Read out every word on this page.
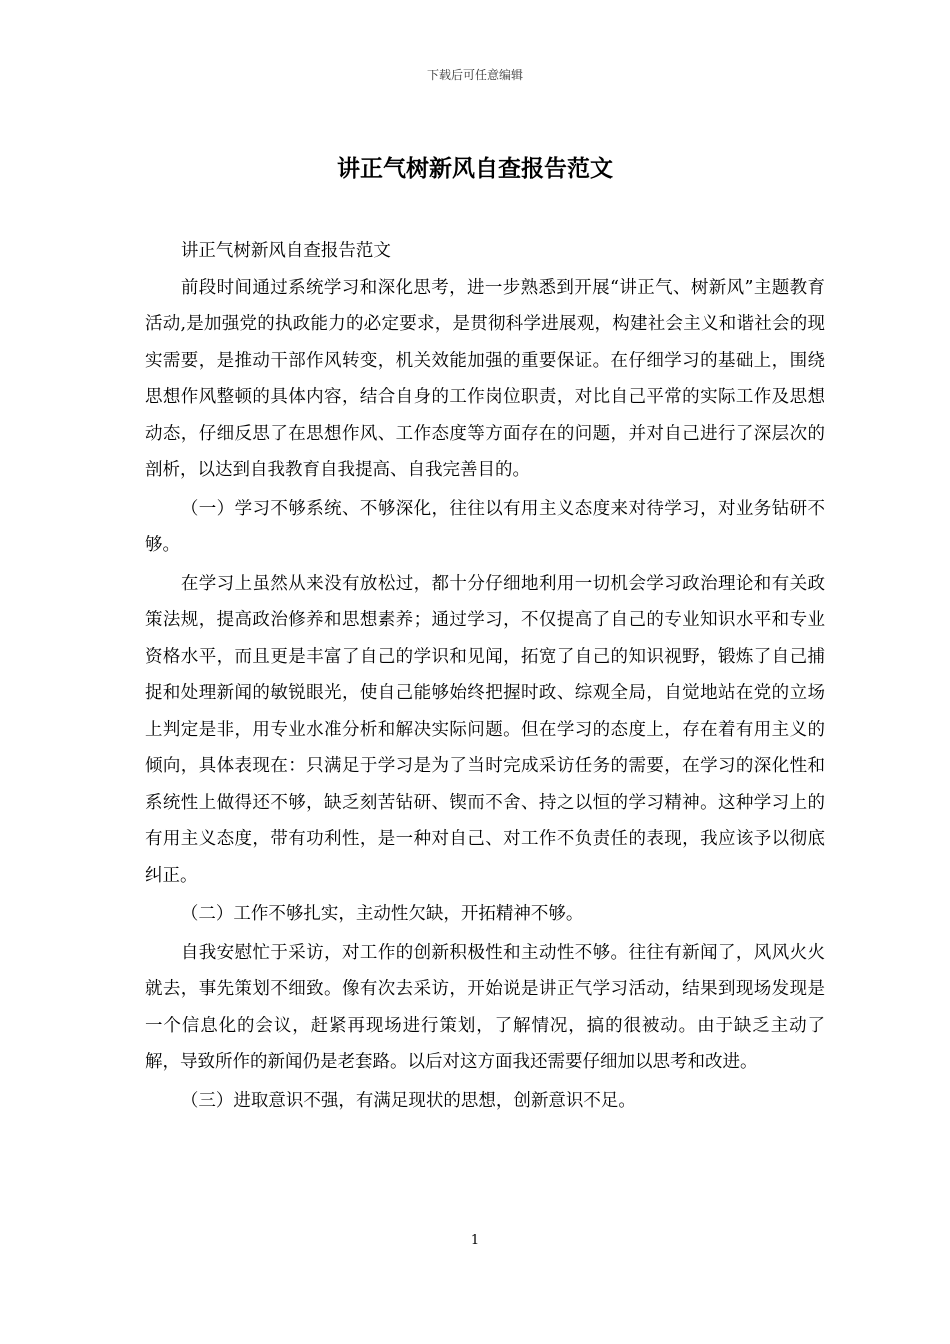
下载后可任意编辑
讲正气树新风自查报告范文

讲正气树新风自查报告范文

前段时间通过系统学习和深化思考，进一步熟悉到开展“讲正气、树新风”主题教育活动,是加强党的执政能力的必定要求，是贯彻科学进展观，构建社会主义和谐社会的现实需要，是推动干部作风转变，机关效能加强的重要保证。在仔细学习的基础上，围绕思想作风整顿的具体内容，结合自身的工作岗位职责，对比自己平常的实际工作及思想动态，仔细反思了在思想作风、工作态度等方面存在的问题，并对自己进行了深层次的剖析，以达到自我教育自我提高、自我完善目的。

（一）学习不够系统、不够深化，往往以有用主义态度来对待学习，对业务钻研不够。

在学习上虽然从来没有放松过，都十分仔细地利用一切机会学习政治理论和有关政策法规，提高政治修养和思想素养；通过学习，不仅提高了自己的专业知识水平和专业资格水平，而且更是丰富了自己的学识和见闻，拓宽了自己的知识视野，锻炼了自己捕捉和处理新闻的敏锐眼光，使自己能够始终把握时政、综观全局，自觉地站在党的立场上判定是非，用专业水准分析和解决实际问题。但在学习的态度上，存在着有用主义的倾向，具体表现在：只满足于学习是为了当时完成采访任务的需要，在学习的深化性和系统性上做得还不够，缺乏刻苦钻研、锲而不舍、持之以恒的学习精神。这种学习上的有用主义态度，带有功利性，是一种对自己、对工作不负责任的表现，我应该予以彻底纠正。

（二）工作不够扎实，主动性欠缺，开拓精神不够。

自我安慰忙于采访，对工作的创新积极性和主动性不够。往往有新闻了，风风火火就去，事先策划不细致。像有次去采访，开始说是讲正气学习活动，结果到现场发现是一个信息化的会议，赶紧再现场进行策划，了解情况，搞的很被动。由于缺乏主动了解，导致所作的新闻仍是老套路。以后对这方面我还需要仔细加以思考和改进。

（三）进取意识不强，有满足现状的思想，创新意识不足。

1
